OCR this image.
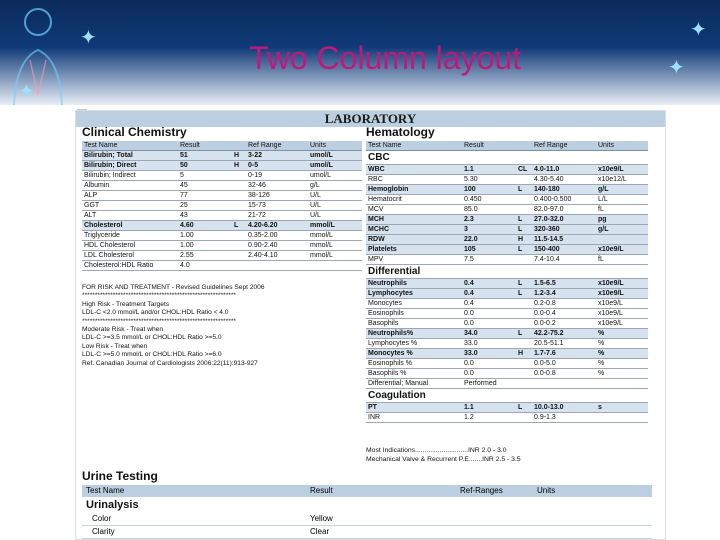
✦
✦
✦
✦
Two Column layout
LABORATORY
Clinical Chemistry
Test Name	Result		Ref Range	Units
Bilirubin; Total	51	H	3-22	umol/L
Bilirubin; Direct	50	H	0-5	umol/L
Bilirubin; Indirect	5		0-19	umol/L
Albumin	45		32-46	g/L
ALP	77		38-126	U/L
GGT	25		15-73	U/L
ALT	43		21-72	U/L
Cholesterol	4.60	L	4.20-6.20	mmol/L
Triglyceride	1.00		0.35-2.00	mmol/L
HDL Cholesterol	1.00		0.90-2.40	mmol/L
LDL Cholesterol	2.55		2.40-4.10	mmol/L
Cholesterol:HDL Ratio	4.0			
FOR RISK AND TREATMENT - Revised Guidelines Sept 2006
************************************************************
High Risk - Treatment Targets
LDL-C <2.0 mmol/L and/or CHOL:HDL Ratio < 4.0
************************************************************
Moderate Risk - Treat when
LDL-C >=3.5 mmol/L or CHOL:HDL Ratio >=5.0
Low Risk - Treat when
LDL-C >=5.0 mmol/L or CHOL:HDL Ratio >=6.0
Ref. Canadian Journal of Cardiologists 2006:22(11):913-927
Hematology
Test Name	Result		Ref Range	Units
CBC				
WBC	1.1	CL	4.0-11.0	x10e9/L
RBC	5.30		4.30-5.40	x10e12/L
Hemoglobin	100	L	140-180	g/L
Hematocrit	0.450		0.400-0.500	L/L
MCV	85.0		82.0-97.0	fL
MCH	2.3	L	27.0-32.0	pg
MCHC	3	L	320-360	g/L
RDW	22.0	H	11.5-14.5	
Platelets	105	L	150-400	x10e9/L
MPV	7.5		7.4-10.4	fL
Differential				
Neutrophils	0.4	L	1.5-6.5	x10e9/L
Lymphocytes	0.4	L	1.2-3.4	x10e9/L
Monocytes	0.4		0.2-0.8	x10e9/L
Eosinophils	0.0		0.0-0.4	x10e9/L
Basophils	0.0		0.0-0.2	x10e9/L
Neutrophils%	34.0	L	42.2-75.2	%
Lymphocytes %	33.0		20.5-51.1	%
Monocytes %	33.0	H	1.7-7.6	%
Eosinophils %	0.0		0.0-5.0	%
Basophils %	0.0		0.0-0.8	%
Differential; Manual	Performed			
Coagulation				
PT	1.1	L	10.0-13.0	s
INR	1.2		0.9-1.3	
Most Indications............................INR 2.0 - 3.0
Mechanical Valve & Recurrent P.E.......INR 2.5 - 3.5
Urine Testing
Test Name	Result	Ref-Ranges	Units
Urinalysis
Color	Yellow
Clarity	Clear
